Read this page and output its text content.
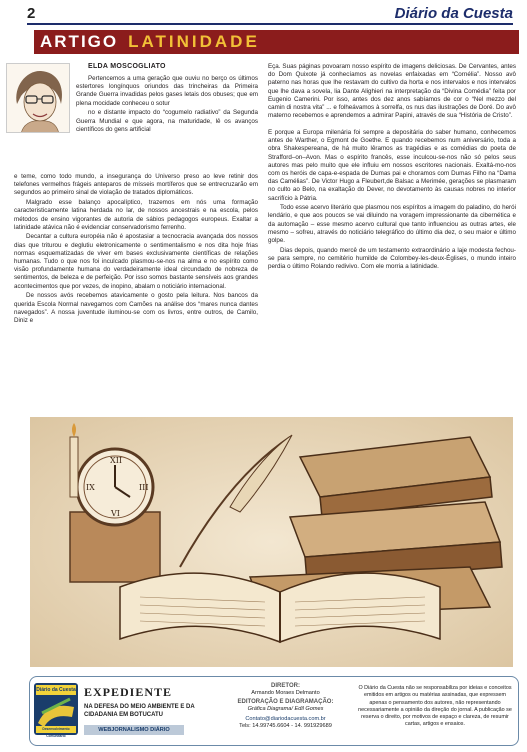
2	Diário da Cuesta
ARTIGO LATINIDADE
ELDA MOSCOGLIATO

Pertencemos a uma geração que ouviu no berço os últimos estertores longínquos oriundos das trincheiras da Primeira Grande Guerra invadidas pelos gases letais dos obuses; que em plena mocidade conheceu o sotur

no e distante impacto do “cogumelo radiativo” da Segunda Guerra Mundial e que agora, na maturidade, lê os avanços científicos do gens artificial

e teme, como todo mundo, a insegurança do Universo preso ao leve retinir dos telefones vermelhos frágeis anteparos de mísseis mortíferos que se entrecruzarão em segundos ao primeiro sinal de violação de tratados diplomáticos.

Malgrado esse balanço apocalíptico, trazemos em nós uma formação caracteristicamente latina herdada no lar, de nossos ancestrais e na escola, pelos métodos de ensino vigorantes de autoria de sábios pedagogos europeus. Exaltar a latinidade atávica não é evidenciar conservadorismo ferrenho.

Decantar a cultura européia não é apostasiar a tecnocracia avançada dos nossos dias que triturou e deglutiu eletronicamente o sentimentalismo e nos dita hoje frias normas esquematizadas de viver em bases exclusivamente científicas de relações humanas. Tudo o que nos foi inculcado plasmou-se-nos na alma e no espírito como visão profundamente humana do verdadeiramente ideal circundado de nobreza de sentimentos, de beleza e de perfeição. Por isso somos bastante sensíveis aos grandes acontecimentos que por vezes, de inopino, abalam o noticiário internacional.

De nossos avós recebemos atavicamente o gosto pela leitura. Nos bancos da querida Escola Normal navegamos com Camões na análise dos “mares nunca dantes navegados”. A nossa juventude iluminou-se com os livros, entre outros, de Camilo, Diniz e

Eça. Suas páginas povoaram nosso espírito de imagens deliciosas. De Cervantes, antes do Dom Quixote já conhecíamos as novelas enfaixadas em “Cornélia”. Nosso avô paterno nas horas que lhe restavam do cultivo da horta e nos intervalos e nos intervalos que lhe dava a sovela, lia Dante Alighieri na interpretação da “Divina Comédia” feita por Eugenio Camerini. Por isso, antes dos dez anos sabíamos de cor o “Nel mezzo del camin di nostra vita” ... e folheávamos à sorrelfa, os nus das ilustrações de Doré. Do avô materno recebemos e aprendemos a admirar Papini, através de sua “História de Cristo”.

E porque a Europa milenária foi sempre a depositária do saber humano, conhecemos antes de Warther, o Egmont de Goethe. E quando recebemos num aniversário, toda a obra Shakespereana, de há muito lêramos as tragédias e as comédias do poeta de Strafford–on–Avon. Mas o espírito francês, esse inculcou-se-nos não só pelos seus autores mas pelo muito que ele influiu em nossos escritores nacionais. Exaltá-mo-nos com os heróis de capa-e-espada de Dumas pai e choramos com Dumas Filho na “Dama das Camélias”. De Victor Hugo a Fleubert,de Balsac a Merimée, gerações se plasmaram no culto ao Belo, na exaltação do Dever, no devotamento às causas nobres no interior sacrifício à Pátria.

Todo esse acervo literário que plasmou nos espíritos a imagem do paladino, do herói lendário, e que aos poucos se vai diluindo na voragem impressionante da cibernética e da automação – esse mesmo acervo cultural que tanto influenciou as outras artes, ele mesmo – sofreu, através do noticiário telegráfico do último dia dez, o seu maior e último golpe.

Dias depois, quando mercê de um testamento extraordinário a laje modesta fechou-se para sempre, no cemitério humilde de Colombey-les-deux-Églises, o mundo inteiro perdia o último Rolando redivivo. Com ele morria a latinidade.

XII
III
VI
IX
Diário da Cuesta
Desenvolvimento Comunitário
EXPEDIENTE
NA DEFESA DO MEIO AMBIENTE E DA CIDADANIA EM BOTUCATU
WEBJORNALISMO DIÁRIO
DIRETOR:
Armando Moraes Delmanto
EDITORAÇÃO E DIAGRAMAÇÃO:
Gráfica Diagrama/ Edil Gomes
Contato@diariodacuesta.com.br
Tels: 14.99745.6604 - 14. 991929689
O Diário da Cuesta não se responsabiliza por ideias e conceitos emitidos em artigos ou matérias assinadas, que expressem apenas o pensamento dos autores, não representando necessariamente a opinião da direção do jornal. A publicação se reserva o direito, por motivos de espaço e clareza, de resumir cartas, artigos e ensaios.
